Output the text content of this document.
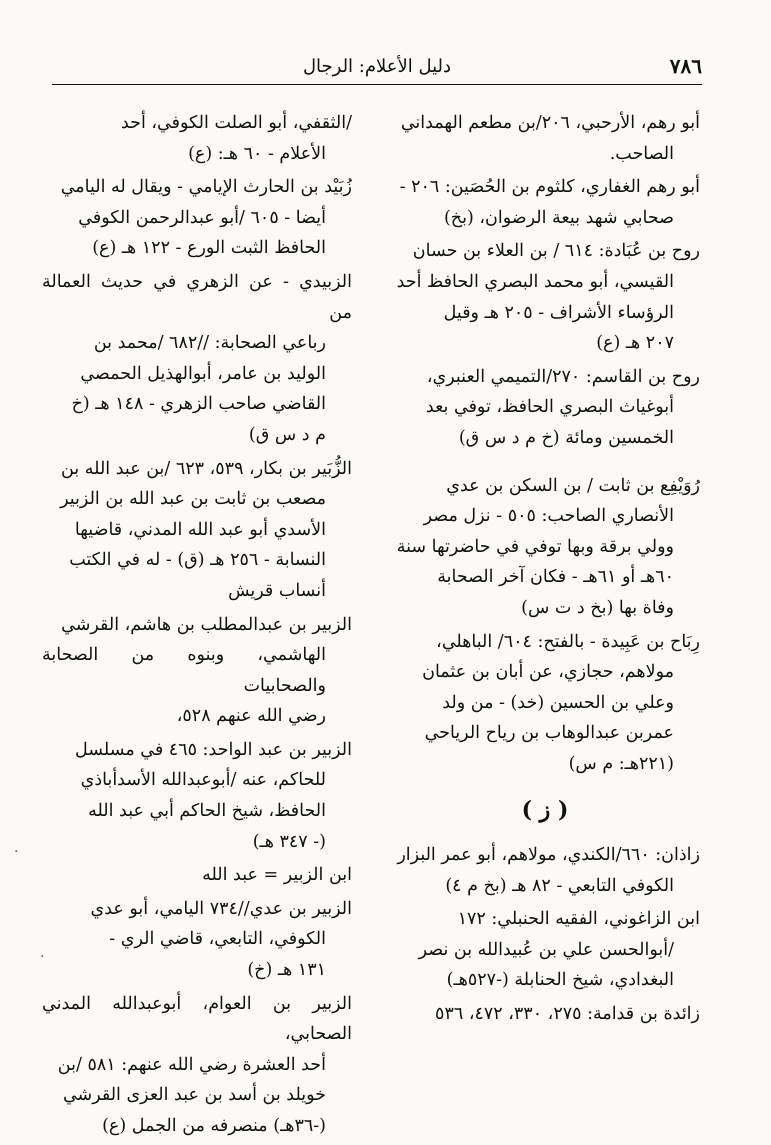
٧٨٦
دليل الأعلام: الرجال
أبو رهم، الأرحبي، ٢٠٦/بن مطعم الهمداني
الصاحب.
أبو رهم الغفاري، كلثوم بن الحُصَين: ٢٠٦ -
صحابي شهد بيعة الرضوان، (بخ)
روح بن عُبَادة: ٦١٤ / بن العلاء بن حسان
القيسي، أبو محمد البصري الحافظ أحد
الرؤساء الأشراف - ٢٠٥ هـ وقيل
٢٠٧ هـ (ع)
روح بن القاسم: ٢٧٠/التميمي العنبري،
أبوغياث البصري الحافظ، توفي بعد
الخمسين ومائة (خ م د س ق)
رُوَيْفِع بن ثابت / بن السكن بن عدي
الأنصاري الصاحب: ٥٠٥ - نزل مصر
وولي برقة وبها توفي في حاضرتها سنة
٦٠هـ أو ٦١هـ - فكان آخر الصحابة
وفاة بها (بخ د ت س)
رِبَاح بن عَبِيدة - بالفتح: ٦٠٤/ الباهلي،
مولاهم، حجازي، عن أبان بن عثمان
وعلي بن الحسين (خد) - من ولد
عمربن عبدالوهاب بن رياح الرياحي
(٢٢١هـ: م س)
( ز )
زاذان: ٦٦٠/الكندي، مولاهم، أبو عمر البزار
الكوفي التابعي - ٨٢ هـ (بخ م ٤)
ابن الزاغوني، الفقيه الحنبلي: ١٧٢
/أبوالحسن علي بن عُبيدالله بن نصر
البغدادي، شيخ الحنابلة (-٥٢٧هـ)
زائدة بن قدامة: ٢٧٥، ٣٣٠، ٤٧٢، ٥٣٦
/الثقفي، أبو الصلت الكوفي، أحد
الأعلام - ٦٠ هـ: (ع)
زُبَيْد بن الحارث الإيامي - ويقال له اليامي
أيضا - ٦٠٥ /أبو عبدالرحمن الكوفي
الحافظ الثبت الورع - ١٢٢ هـ (ع)
الزبيدي - عن الزهري في حديث العمالة من
رباعي الصحابة: //٦٨٢ /محمد بن
الوليد بن عامر، أبوالهذيل الحمصي
القاضي صاحب الزهري - ١٤٨ هـ (خ
م د س ق)
الزُّبَير بن بكار، ٥٣٩، ٦٢٣ /بن عبد الله بن
مصعب بن ثابت بن عبد الله بن الزبير
الأسدي أبو عبد الله المدني، قاضيها
النسابة - ٢٥٦ هـ (ق) - له في الكتب
أنساب قريش
الزبير بن عبدالمطلب بن هاشم، القرشي
الهاشمي، وبنوه من الصحابة والصحابيات
رضي الله عنهم ٥٢٨،
الزبير بن عبد الواحد: ٤٦٥ في مسلسل
للحاكم، عنه /أبوعبدالله الأسدأباذي
الحافظ، شيخ الحاكم أبي عبد الله
(- ٣٤٧ هـ)
ابن الزبير = عبد الله
الزبير بن عدي//٧٣٤ اليامي، أبو عدي
الكوفي، التابعي، قاضي الري -
١٣١ هـ (خ)
الزبير بن العوام، أبوعبدالله المدني الصحابي،
أحد العشرة رضي الله عنهم: ٥٨١ /بن
خويلد بن أسد بن عبد العزى القرشي
(-٣٦هـ) منصرفه من الجمل (ع)
.
.
